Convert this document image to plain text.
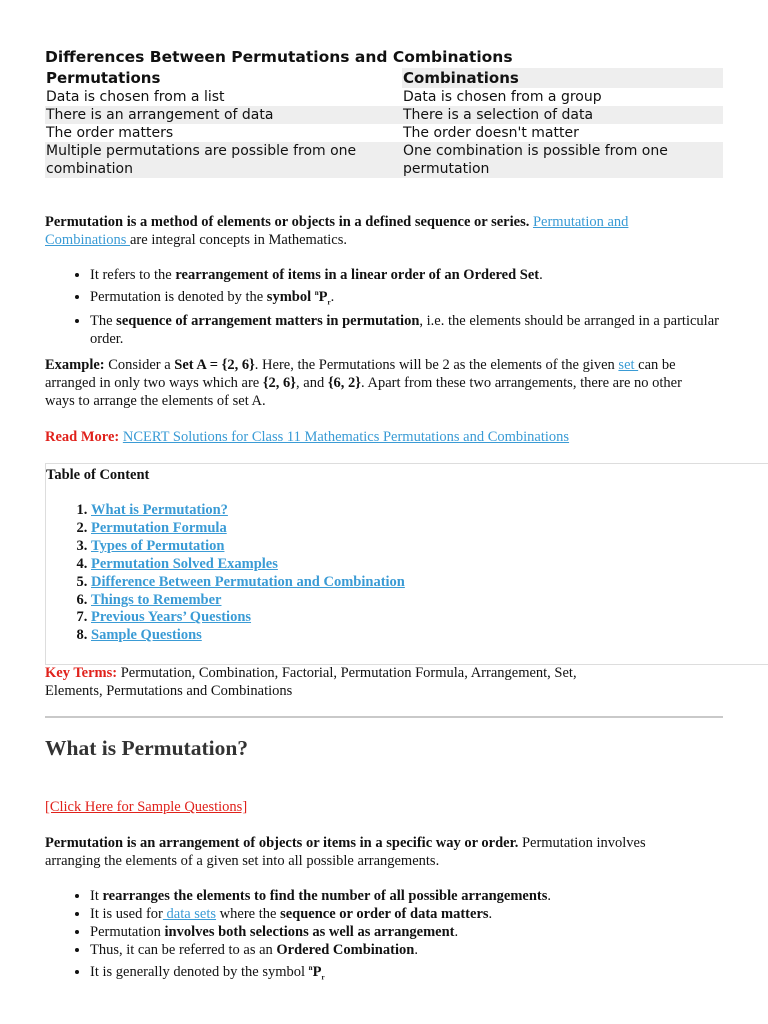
Differences Between Permutations and Combinations
Permutations	Combinations
Data is chosen from a list	Data is chosen from a group
There is an arrangement of data	There is a selection of data
The order matters	The order doesn't matter
Multiple permutations are possible from one combination	One combination is possible from one permutation

Permutation is a method of elements or objects in a defined sequence or series. Permutation and Combinations are integral concepts in Mathematics.

• It refers to the rearrangement of items in a linear order of an Ordered Set.
• Permutation is denoted by the symbol $^nP_r$.
• The sequence of arrangement matters in permutation, i.e. the elements should be arranged in a particular order.

Example: Consider a Set A = {2, 6}. Here, the Permutations will be 2 as the elements of the given set can be arranged in only two ways which are {2, 6}, and {6, 2}. Apart from these two arrangements, there are no other ways to arrange the elements of set A.

Read More: NCERT Solutions for Class 11 Mathematics Permutations and Combinations

Table of Content
1. What is Permutation?
2. Permutation Formula
3. Types of Permutation
4. Permutation Solved Examples
5. Difference Between Permutation and Combination
6. Things to Remember
7. Previous Years’ Questions
8. Sample Questions

Key Terms: Permutation, Combination, Factorial, Permutation Formula, Arrangement, Set, Elements, Permutations and Combinations

What is Permutation?

[Click Here for Sample Questions]

Permutation is an arrangement of objects or items in a specific way or order. Permutation involves arranging the elements of a given set into all possible arrangements.

• It rearranges the elements to find the number of all possible arrangements.
• It is used for data sets where the sequence or order of data matters.
• Permutation involves both selections as well as arrangement.
• Thus, it can be referred to as an Ordered Combination.
• It is generally denoted by the symbol $^nP_r$
